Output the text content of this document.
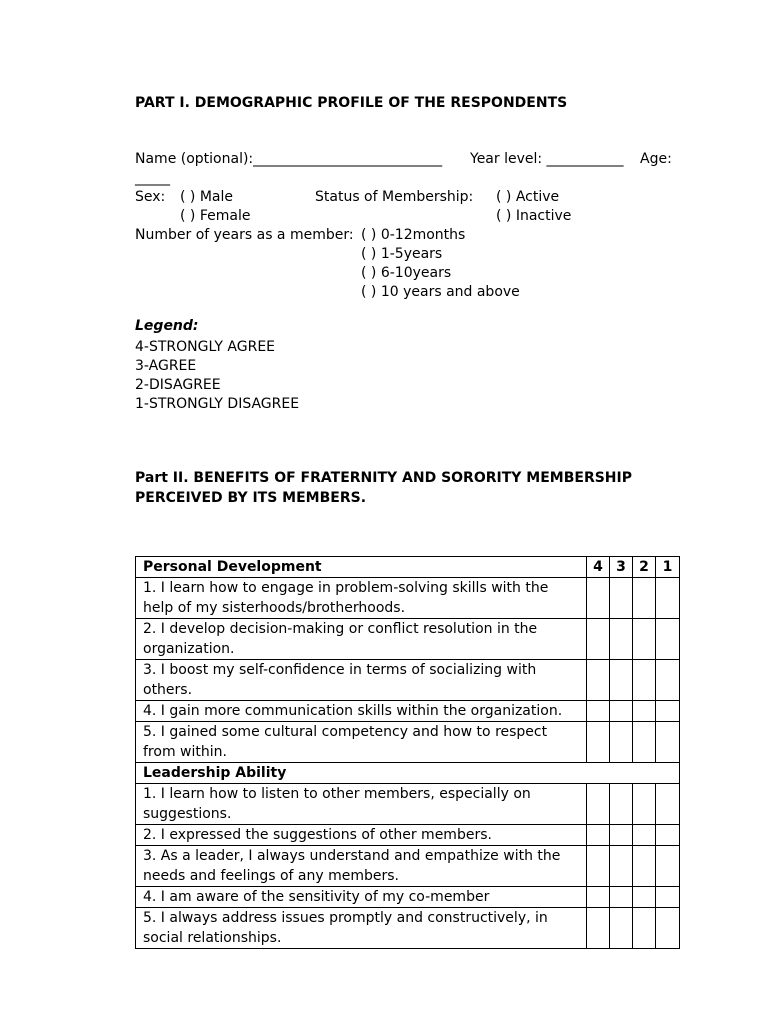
PART I. DEMOGRAPHIC PROFILE OF THE RESPONDENTS
Name (optional):___________________________ Year level: ___________ Age:
_____
Sex: ( ) Male
( ) Female
Status of Membership: ( ) Active
( ) Inactive
Number of years as a member: ( ) 0-12months
( ) 1-5years
( ) 6-10years
( ) 10 years and above
Legend:
4-STRONGLY AGREE
3-AGREE
2-DISAGREE
1-STRONGLY DISAGREE
Part II. BENEFITS OF FRATERNITY AND SORORITY MEMBERSHIP
PERCEIVED BY ITS MEMBERS.
Personal Development	4	3	2	1
1. I learn how to engage in problem-solving skills with the help of my sisterhoods/brotherhoods.				
2. I develop decision-making or conflict resolution in the organization.				
3. I boost my self-confidence in terms of socializing with others.				
4. I gain more communication skills within the organization.				
5. I gained some cultural competency and how to respect from within.				
Leadership Ability				
1. I learn how to listen to other members, especially on suggestions.				
2. I expressed the suggestions of other members.				
3. As a leader, I always understand and empathize with the needs and feelings of any members.				
4. I am aware of the sensitivity of my co-member				
5. I always address issues promptly and constructively, in social relationships.				
